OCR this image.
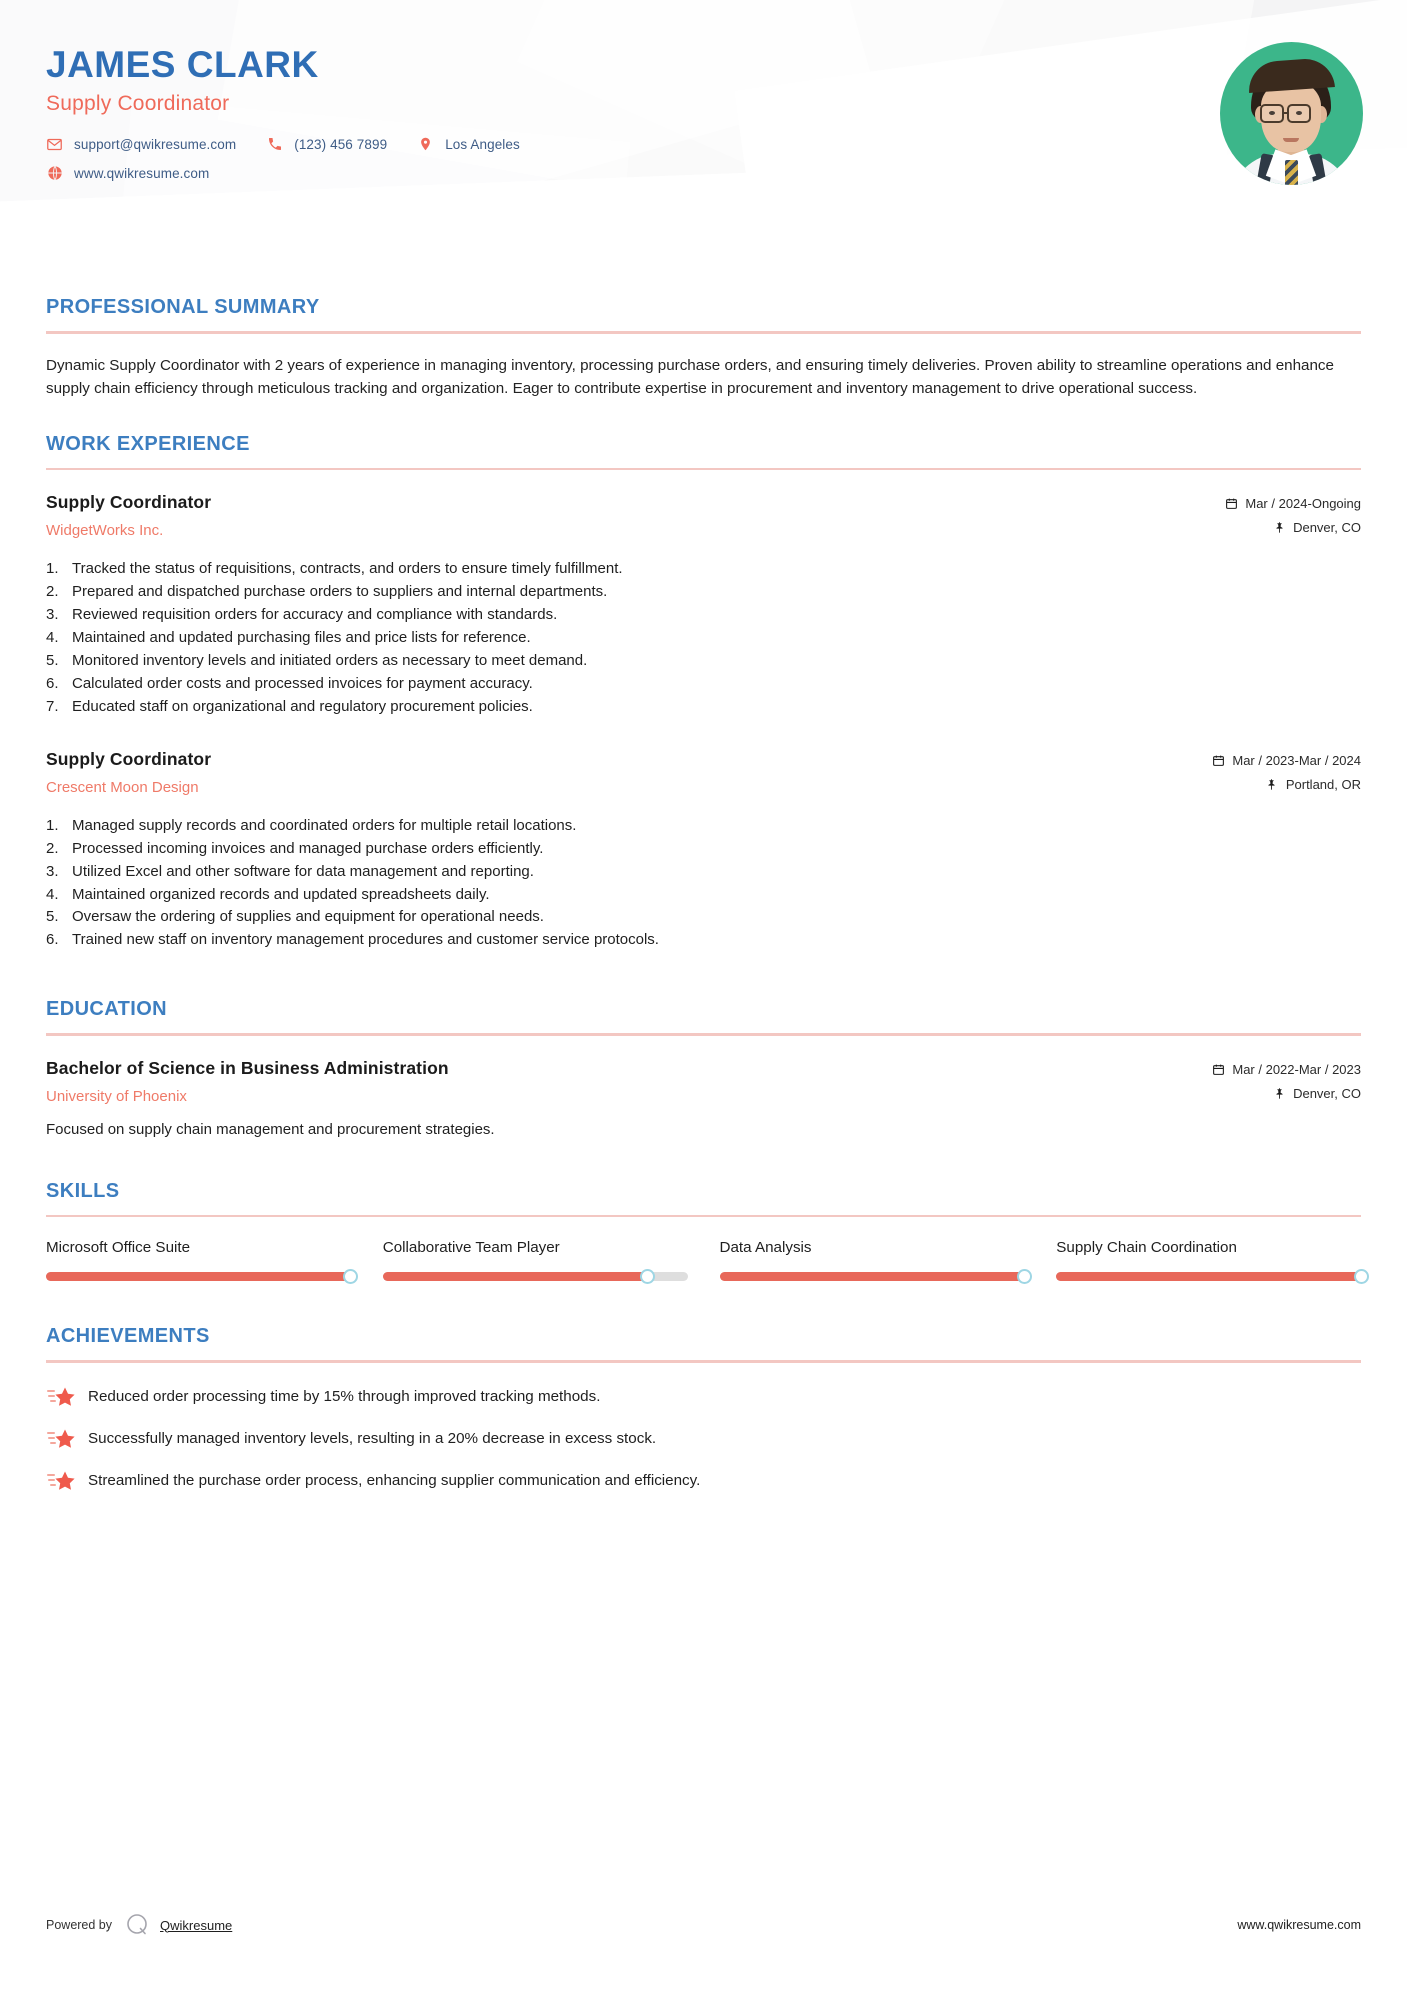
JAMES CLARK
Supply Coordinator
support@qwikresume.com	(123) 456 7899	Los Angeles
www.qwikresume.com
PROFESSIONAL SUMMARY

Dynamic Supply Coordinator with 2 years of experience in managing inventory, processing purchase orders, and ensuring timely deliveries. Proven ability to streamline operations and enhance supply chain efficiency through meticulous tracking and organization. Eager to contribute expertise in procurement and inventory management to drive operational success.

WORK EXPERIENCE
Supply Coordinator
WidgetWorks Inc.
Mar / 2024-Ongoing
Denver, CO
Tracked the status of requisitions, contracts, and orders to ensure timely fulfillment.
Prepared and dispatched purchase orders to suppliers and internal departments.
Reviewed requisition orders for accuracy and compliance with standards.
Maintained and updated purchasing files and price lists for reference.
Monitored inventory levels and initiated orders as necessary to meet demand.
Calculated order costs and processed invoices for payment accuracy.
Educated staff on organizational and regulatory procurement policies.
Supply Coordinator
Crescent Moon Design
Mar / 2023-Mar / 2024
Portland, OR
Managed supply records and coordinated orders for multiple retail locations.
Processed incoming invoices and managed purchase orders efficiently.
Utilized Excel and other software for data management and reporting.
Maintained organized records and updated spreadsheets daily.
Oversaw the ordering of supplies and equipment for operational needs.
Trained new staff on inventory management procedures and customer service protocols.
EDUCATION
Bachelor of Science in Business Administration
University of Phoenix
Mar / 2022-Mar / 2023
Denver, CO
Focused on supply chain management and procurement strategies.
SKILLS
Microsoft Office Suite	Collaborative Team Player	Data Analysis	Supply Chain Coordination
ACHIEVEMENTS
Reduced order processing time by 15% through improved tracking methods.
Successfully managed inventory levels, resulting in a 20% decrease in excess stock.
Streamlined the purchase order process, enhancing supplier communication and efficiency.
Powered by	Qwikresume	www.qwikresume.com
